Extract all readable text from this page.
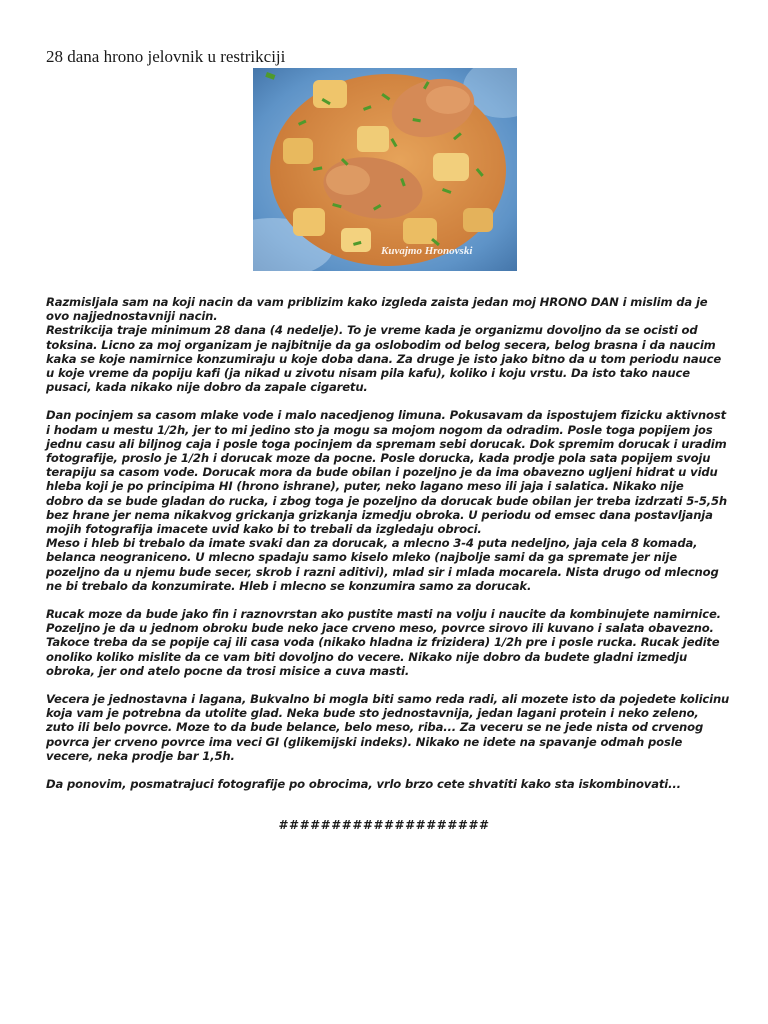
28 dana hrono jelovnik u restrikciji
Kuvajmo Hronovski

Razmisljala sam na koji nacin da vam priblizim kako izgleda zaista jedan moj HRONO DAN i mislim da je
ovo najjednostavniji nacin.
Restrikcija traje minimum 28 dana (4 nedelje). To je vreme kada je organizmu dovoljno da se ocisti od
toksina. Licno za moj organizam je najbitnije da ga oslobodim od belog secera, belog brasna i da naucim
kaka se koje namirnice konzumiraju u koje doba dana. Za druge je isto jako bitno da u tom periodu nauce
u koje vreme da popiju kafi (ja nikad u zivotu nisam pila kafu), koliko i koju vrstu. Da isto tako nauce
pusaci, kada nikako nije dobro da zapale cigaretu.

Dan pocinjem sa casom mlake vode i malo nacedjenog limuna. Pokusavam da ispostujem fizicku aktivnost
i hodam u mestu 1/2h, jer to mi jedino sto ja mogu sa mojom nogom da odradim. Posle toga popijem jos
jednu casu ali biljnog caja i posle toga pocinjem da spremam sebi dorucak. Dok spremim dorucak i uradim
fotografije, proslo je 1/2h i dorucak moze da pocne. Posle dorucka, kada prodje pola sata popijem svoju
terapiju sa casom vode. Dorucak mora da bude obilan i pozeljno je da ima obavezno ugljeni hidrat u vidu
hleba koji je po principima HI (hrono ishrane), puter, neko lagano meso ili jaja i salatica. Nikako nije
dobro da se bude gladan do rucka, i zbog toga je pozeljno da dorucak bude obilan jer treba izdrzati 5-5,5h
bez hrane jer nema nikakvog grickanja grizkanja izmedju obroka. U periodu od emsec dana postavljanja
mojih fotografija imacete uvid kako bi to trebali da izgledaju obroci.
Meso i hleb bi trebalo da imate svaki dan za dorucak, a mlecno 3-4 puta nedeljno, jaja cela 8 komada,
belanca neograniceno. U mlecno spadaju samo kiselo mleko (najbolje sami da ga spremate jer nije
pozeljno da u njemu bude secer, skrob i razni aditivi), mlad sir i mlada mocarela. Nista drugo od mlecnog
ne bi trebalo da konzumirate. Hleb i mlecno se konzumira samo za dorucak.

Rucak moze da bude jako fin i raznovrstan ako pustite masti na volju i naucite da kombinujete namirnice.
Pozeljno je da u jednom obroku bude neko jace crveno meso, povrce sirovo ili kuvano i salata obavezno.
Takoce treba da se popije caj ili casa voda (nikako hladna iz frizidera) 1/2h pre i posle rucka. Rucak jedite
onoliko koliko mislite da ce vam biti dovoljno do vecere. Nikako nije dobro da budete gladni izmedju
obroka, jer ond atelo pocne da trosi misice a cuva masti.

Vecera je jednostavna i lagana, Bukvalno bi mogla biti samo reda radi, ali mozete isto da pojedete kolicinu
koja vam je potrebna da utolite glad. Neka bude sto jednostavnija, jedan lagani protein i neko zeleno,
zuto ili belo povrce. Moze to da bude belance, belo meso, riba... Za veceru se ne jede nista od crvenog
povrca jer crveno povrce ima veci GI (glikemijski indeks). Nikako ne idete na spavanje odmah posle
vecere, neka prodje bar 1,5h.

Da ponovim, posmatrajuci fotografije po obrocima, vrlo brzo cete shvatiti kako sta iskombinovati...

####################
